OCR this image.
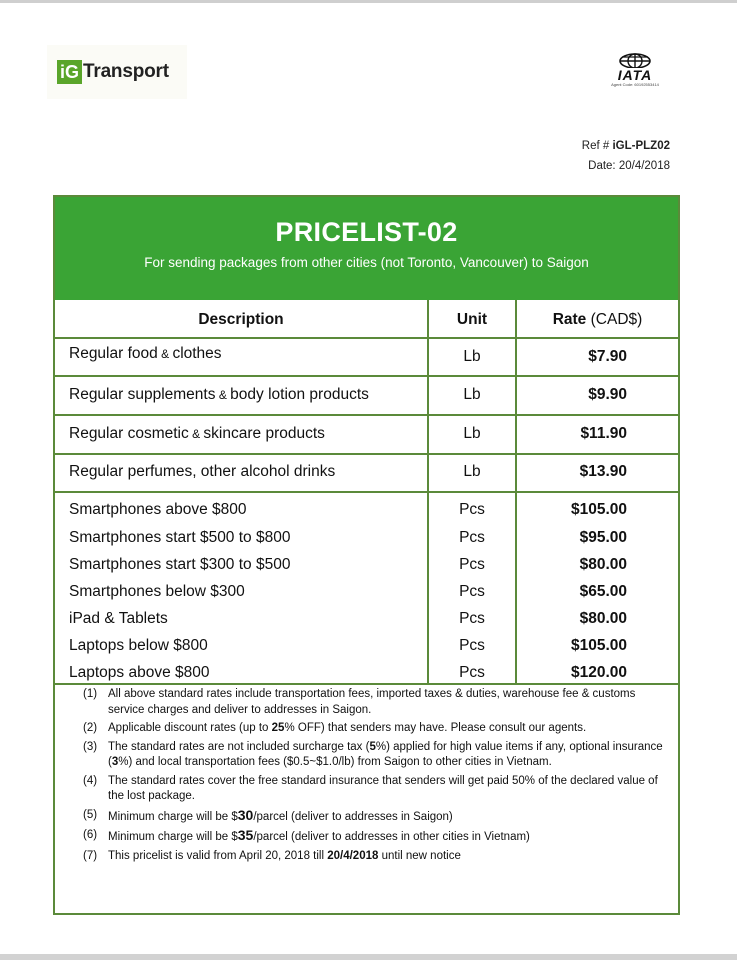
iG Transport	IATA
Agent Code: 60192553414
Ref # iGL-PLZ02
Date: 20/4/2018
PRICELIST-02
For sending packages from other cities (not Toronto, Vancouver) to Saigon
Description	Unit	Rate (CAD$)
Regular food & clothes	Lb	$7.90
Regular supplements & body lotion products	Lb	$9.90
Regular cosmetic & skincare products	Lb	$11.90
Regular perfumes, other alcohol drinks	Lb	$13.90
Smartphones above $800	Pcs	$105.00
Smartphones start $500 to $800	Pcs	$95.00
Smartphones start $300 to $500	Pcs	$80.00
Smartphones below $300	Pcs	$65.00
iPad & Tablets	Pcs	$80.00
Laptops below $800	Pcs	$105.00
Laptops above $800	Pcs	$120.00
(1) All above standard rates include transportation fees, imported taxes & duties, warehouse fee & customs service charges and deliver to addresses in Saigon.
(2) Applicable discount rates (up to 25% OFF) that senders may have. Please consult our agents.
(3) The standard rates are not included surcharge tax (5%) applied for high value items if any, optional insurance (3%) and local transportation fees ($0.5~$1.0/lb) from Saigon to other cities in Vietnam.
(4) The standard rates cover the free standard insurance that senders will get paid 50% of the declared value of the lost package.
(5) Minimum charge will be $30/parcel (deliver to addresses in Saigon)
(6) Minimum charge will be $35/parcel (deliver to addresses in other cities in Vietnam)
(7) This pricelist is valid from April 20, 2018 till 20/4/2018 until new notice
